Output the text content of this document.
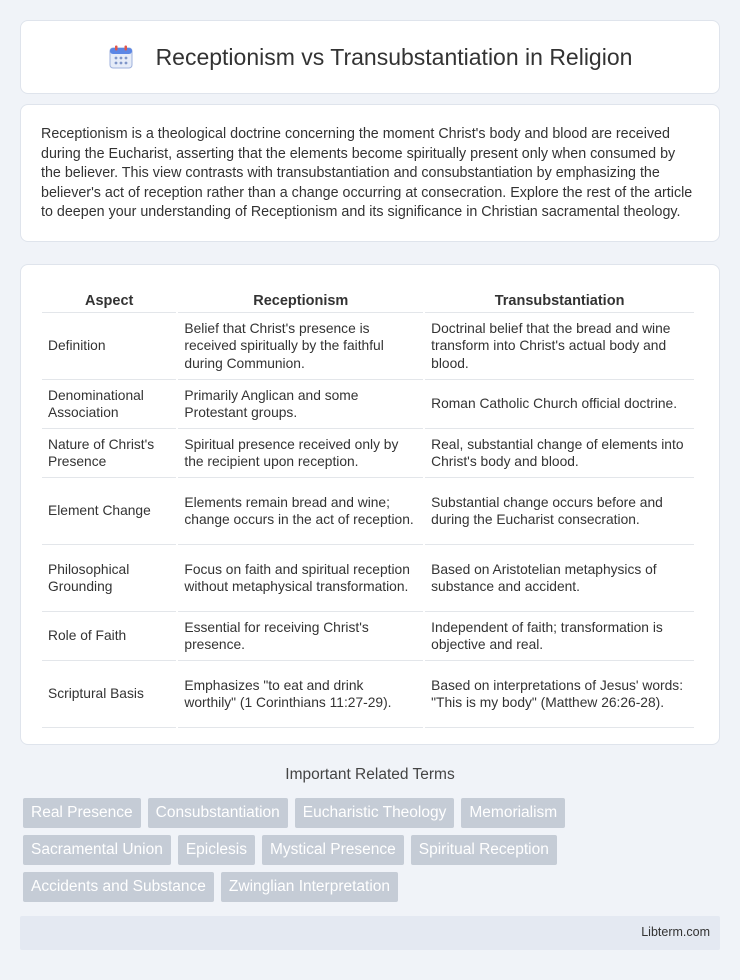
Receptionism vs Transubstantiation in Religion

Receptionism is a theological doctrine concerning the moment Christ's body and blood are received during the Eucharist, asserting that the elements become spiritually present only when consumed by the believer. This view contrasts with transubstantiation and consubstantiation by emphasizing the believer's act of reception rather than a change occurring at consecration. Explore the rest of the article to deepen your understanding of Receptionism and its significance in Christian sacramental theology.

Aspect	Receptionism	Transubstantiation
Definition	Belief that Christ's presence is received spiritually by the faithful during Communion.	Doctrinal belief that the bread and wine transform into Christ's actual body and blood.
Denominational Association	Primarily Anglican and some Protestant groups.	Roman Catholic Church official doctrine.
Nature of Christ's Presence	Spiritual presence received only by the recipient upon reception.	Real, substantial change of elements into Christ's body and blood.
Element Change	Elements remain bread and wine; change occurs in the act of reception.	Substantial change occurs before and during the Eucharist consecration.
Philosophical Grounding	Focus on faith and spiritual reception without metaphysical transformation.	Based on Aristotelian metaphysics of substance and accident.
Role of Faith	Essential for receiving Christ's presence.	Independent of faith; transformation is objective and real.
Scriptural Basis	Emphasizes "to eat and drink worthily" (1 Corinthians 11:27-29).	Based on interpretations of Jesus' words: "This is my body" (Matthew 26:26-28).
Important Related Terms
Real Presence	Consubstantiation	Eucharistic Theology	Memorialism
Sacramental Union	Epiclesis	Mystical Presence	Spiritual Reception
Accidents and Substance	Zwinglian Interpretation
Libterm.com
